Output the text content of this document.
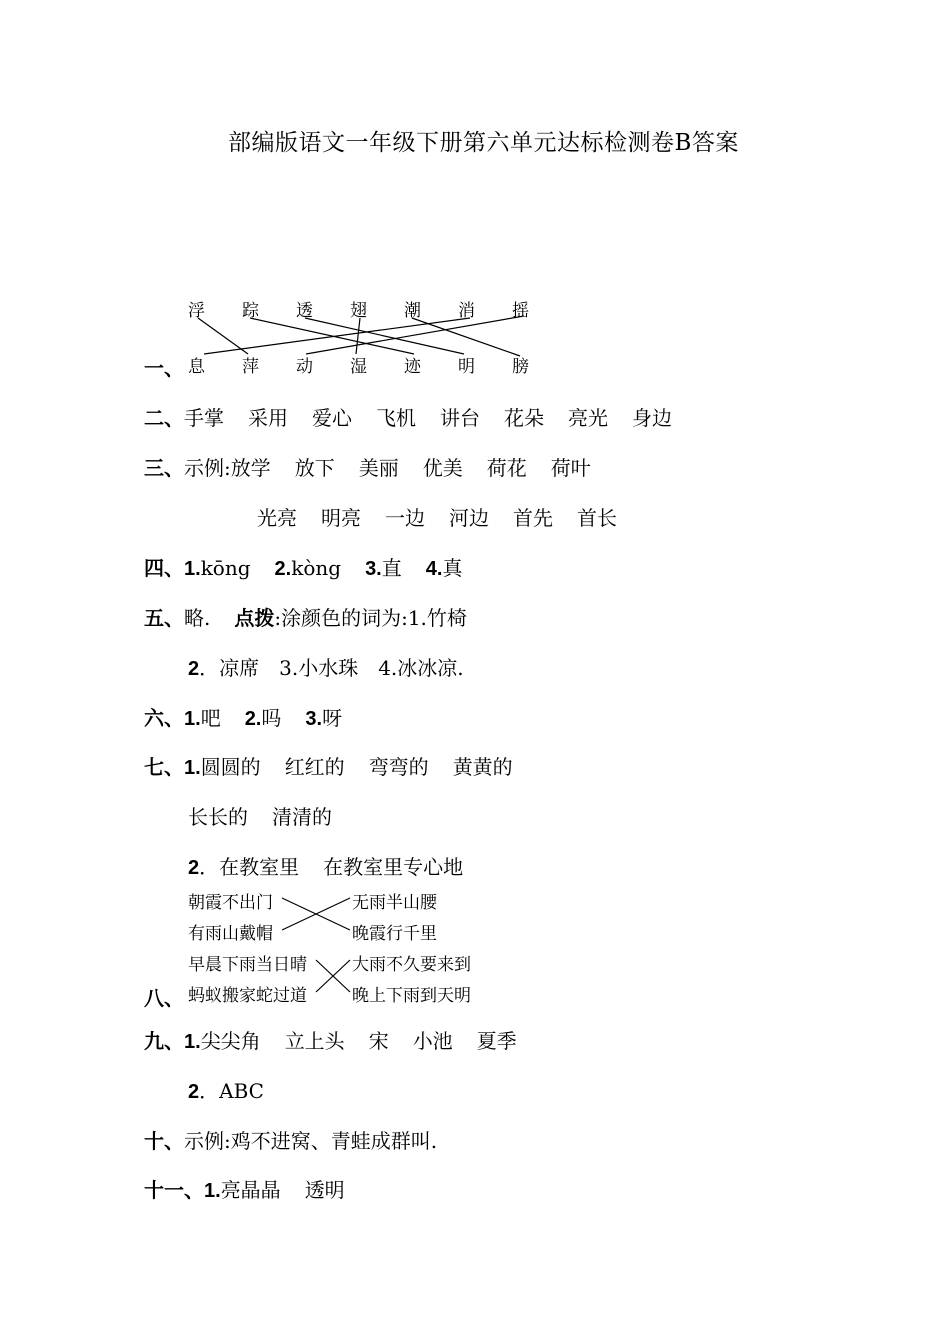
部编版语文一年级下册第六单元达标检测卷B答案
浮 踪 透 翅 潮 消 摇
一、 息 萍 动 湿 迹 明 膀
二、手掌 采用 爱心 飞机 讲台 花朵 亮光 身边
三、示例:放学 放下 美丽 优美 荷花 荷叶
光亮 明亮 一边 河边 首先 首长
四、1.kōng 2.kòng 3.直 4.真
五、略. 点拨:涂颜色的词为:1.竹椅
2．凉席　3.小水珠　4.冰冰凉.
六、1.吧 2.吗 3.呀
七、1.圆圆的 红红的 弯弯的 黄黄的
长长的 清清的
2．在教室里 在教室里专心地
朝霞不出门
有雨山戴帽
早晨下雨当日晴
蚂蚁搬家蛇过道
无雨半山腰
晚霞行千里
大雨不久要来到
晚上下雨到天明
八、
九、1.尖尖角 立上头 宋 小池 夏季
2．ABC
十、示例:鸡不进窝、青蛙成群叫.
十一、1.亮晶晶 透明
